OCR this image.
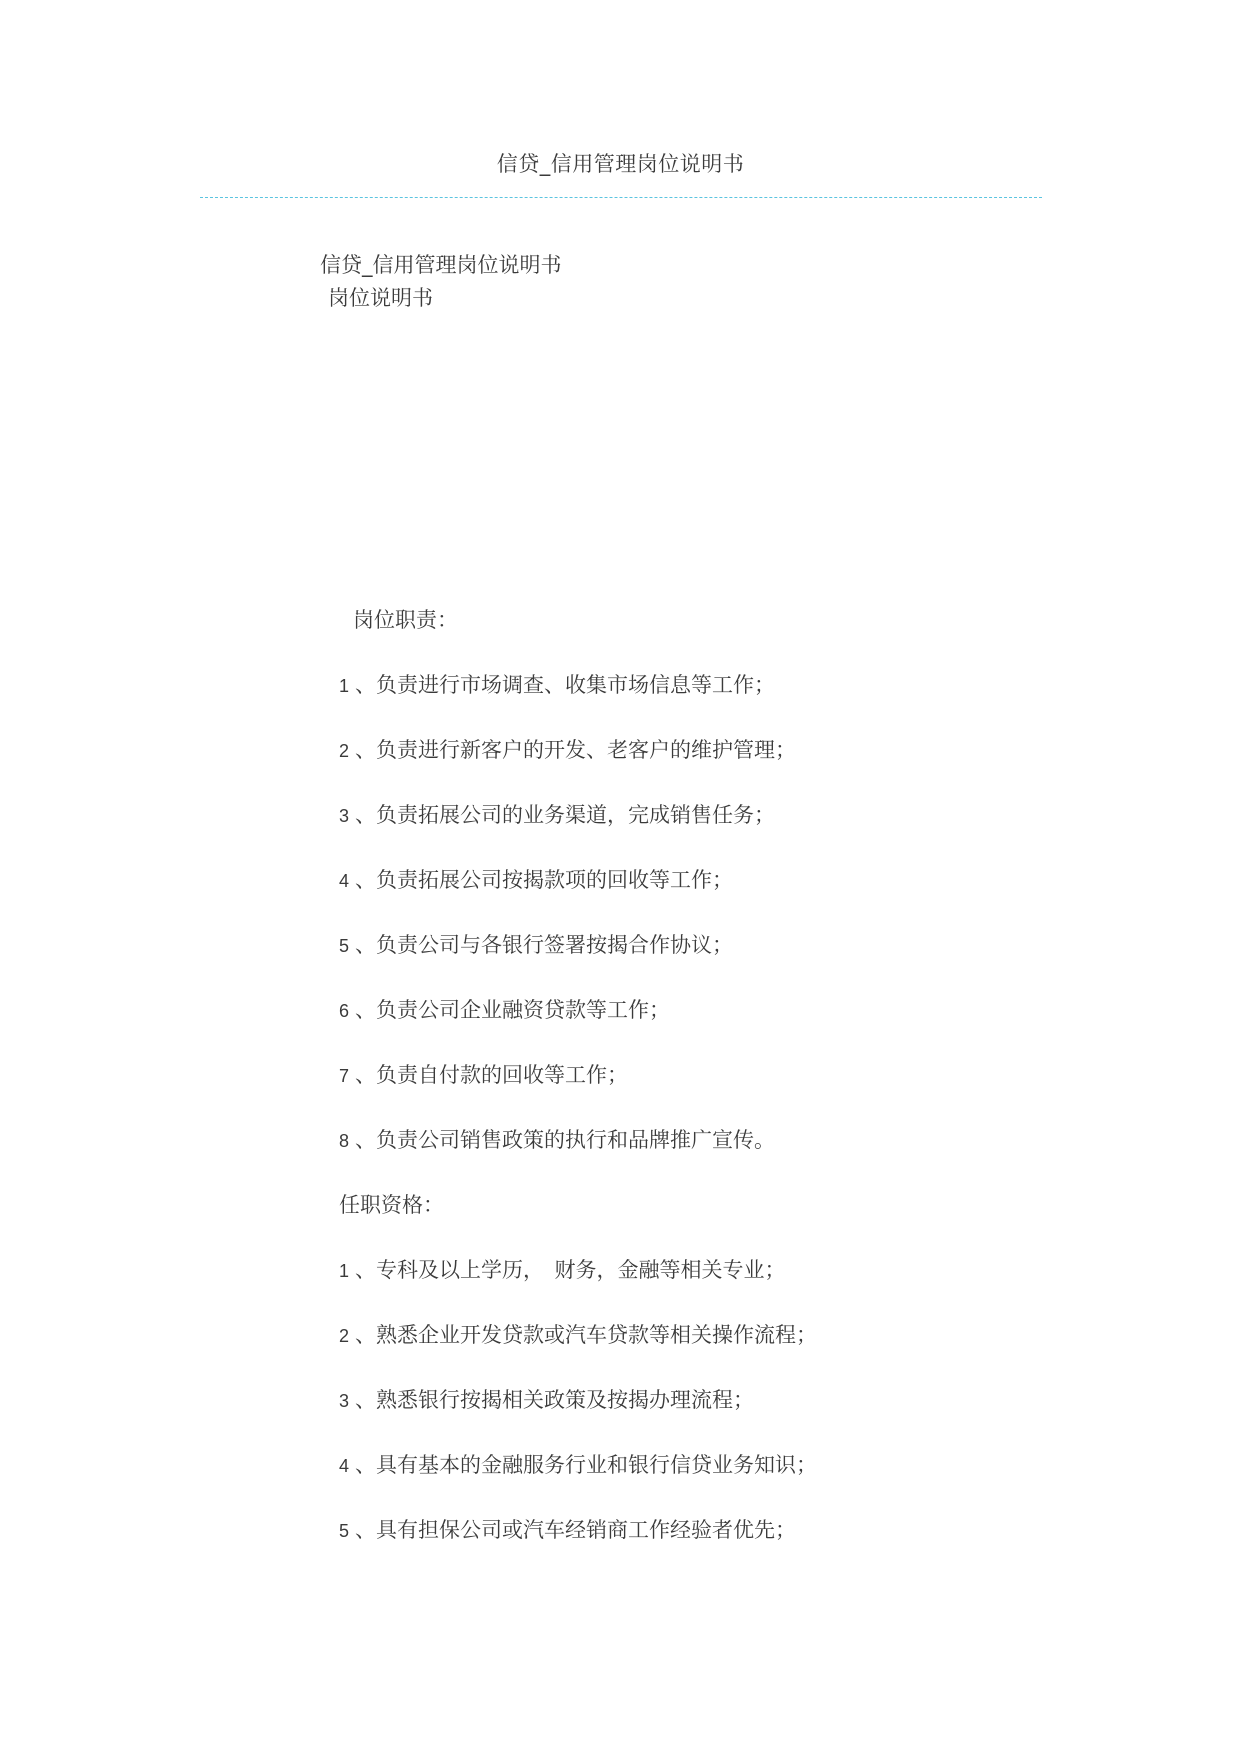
信贷_信用管理岗位说明书
信贷_信用管理岗位说明书
岗位说明书
岗位职责：
1 、负责进行市场调查、收集市场信息等工作；
2 、负责进行新客户的开发、老客户的维护管理；
3 、负责拓展公司的业务渠道，完成销售任务；
4 、负责拓展公司按揭款项的回收等工作；
5 、负责公司与各银行签署按揭合作协议；
6 、负责公司企业融资贷款等工作；
7 、负责自付款的回收等工作；
8 、负责公司销售政策的执行和品牌推广宣传。
任职资格：
1 、专科及以上学历，　财务，金融等相关专业；
2 、熟悉企业开发贷款或汽车贷款等相关操作流程；
3 、熟悉银行按揭相关政策及按揭办理流程；
4 、具有基本的金融服务行业和银行信贷业务知识；
5 、具有担保公司或汽车经销商工作经验者优先；
